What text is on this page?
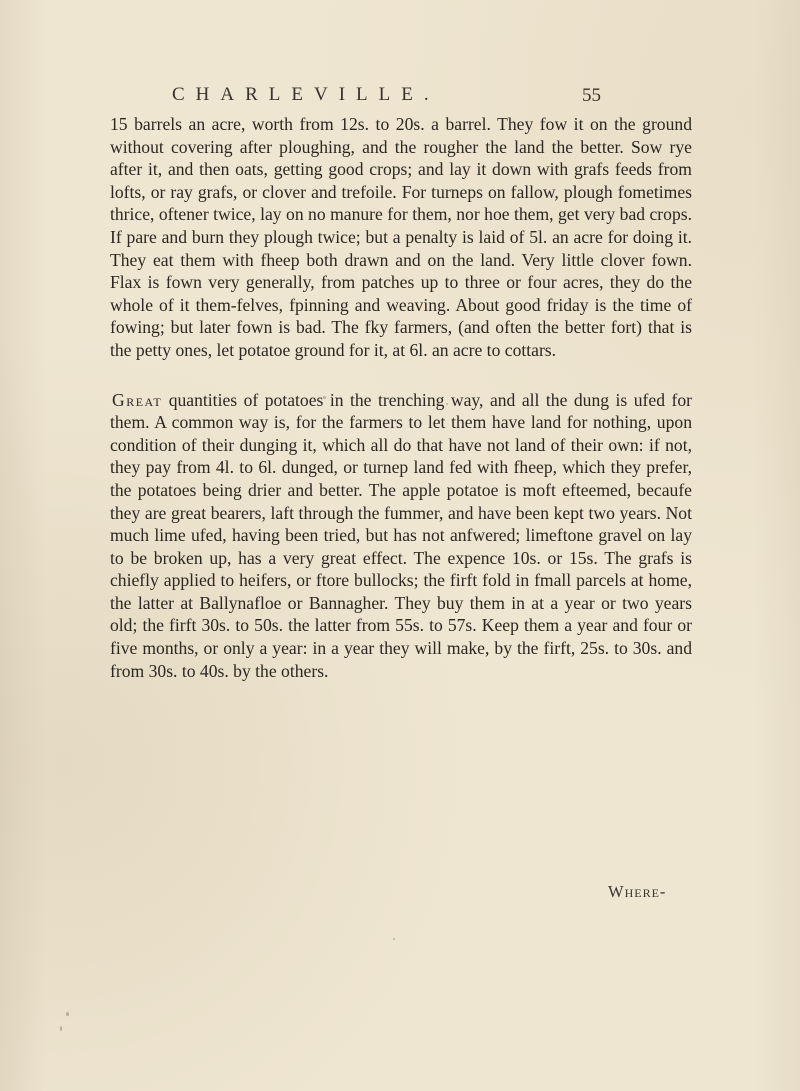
CHARLEVILLE.	55

15 barrels an acre, worth from 12s. to 20s. a barrel. They fow it on the ground without covering after ploughing, and the rougher the land the better. Sow rye after it, and then oats, getting good crops; and lay it down with grafs feeds from lofts, or ray grafs, or clover and trefoile. For turneps on fallow, plough fometimes thrice, oftener twice, lay on no manure for them, nor hoe them, get very bad crops. If pare and burn they plough twice; but a penalty is laid of 5l. an acre for doing it. They eat them with fheep both drawn and on the land. Very little clover fown. Flax is fown very generally, from patches up to three or four acres, they do the whole of it them-felves, fpinning and weaving. About good friday is the time of fowing; but later fown is bad. The fky farmers, (and often the better fort) that is the petty ones, let potatoe ground for it, at 6l. an acre to cottars.

Great quantities of potatoes in the trenching way, and all the dung is ufed for them. A common way is, for the farmers to let them have land for nothing, upon condition of their dunging it, which all do that have not land of their own: if not, they pay from 4l. to 6l. dunged, or turnep land fed with fheep, which they prefer, the potatoes being drier and better. The apple potatoe is moft efteemed, becaufe they are great bearers, laft through the fummer, and have been kept two years. Not much lime ufed, having been tried, but has not anfwered; limeftone gravel on lay to be broken up, has a very great effect. The expence 10s. or 15s. The grafs is chiefly applied to heifers, or ftore bullocks; the firft fold in fmall parcels at home, the latter at Ballynafloe or Bannagher. They buy them in at a year or two years old; the firft 30s. to 50s. the latter from 55s. to 57s. Keep them a year and four or five months, or only a year: in a year they will make, by the firft, 25s. to 30s. and from 30s. to 40s. by the others.

Where-
